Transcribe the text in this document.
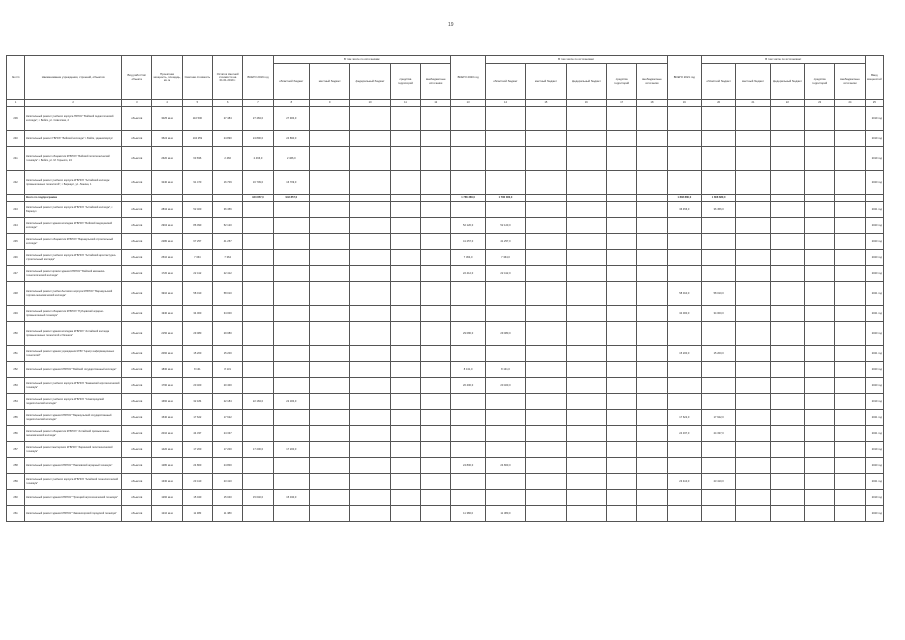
19
№ п/п	Наименование учреждения, строений, объектов	Вид работ/тип объекта	Проектная мощность, площадь, кв. м	Сметная стоимость	Остаток сметной стоимости на 01.01.2019 г.	ВСЕГО 2019 год	В том числе по источникам:					ВСЕГО 2020 год	В том числе по источникам:					ВСЕГО 2021 год	В том числе по источникам:					Ввод мощностей
							областной бюджет	местный бюджет	федеральный бюджет	средства территорий	внебюджетные источники		областной бюджет	местный бюджет	федеральный бюджет	средства территорий	внебюджетные источники		областной бюджет	местный бюджет	федеральный бюджет	средства территорий	внебюджетные источники	
1	2	3	4	5	6	7	8	9	10	11	12	13	14	15	16	17	18	19	20	21	22	23	24	25
239	Капитальный ремонт учебного корпуса ГБПОУ "Бийский педагогический колледж", г. Бийск, ул. Советская, 2	объектов	3025 кв.м	110 500	27 484	27 484,0	27 484,0																	2019 год
240	Капитальный ремонт ГБПОУ "Бийский колледж" г. Бийск, здание/корпус	объектов	3524 кв.м	104 259	24 890	24 890,0	24 890,0																	2019 год
241	Капитальный ремонт общежития КГБПОУ "Бийский политехнический техникум" г. Бийск, ул. М. Горького, 24	объектов	2620 кв.м	63 836	2 466	2 466,0	2 466,0																	2019 год
242	Капитальный ремонт учебного корпуса КГБПОУ "Алтайский колледж промышленных технологий", г. Барнаул, ул. Ленина, 1	объектов	3240 кв.м	91 470	16 709	16 709,0	16 709,0																	2020 год
	Всего по подпрограмме					943 857,0	943 857,0					1 786 380,0	1 786 380,0					1 808 880,0	1 808 880,0					
243	Капитальный ремонт учебного корпуса КГБПОУ "Алтайский колледж", г. Барнаул	объектов	2834 кв.м	52 400	36 456													36 456,0	36 456,0					2021 год
244	Капитальный ремонт здания колледжа КГБПОУ "Бийский медицинский колледж"	объектов	2904 кв.м	86 090	52 120							52 120,0	52 120,0											2020 год
245	Капитальный ремонт общежития КГБПОУ "Барнаульский строительный колледж"	объектов	2280 кв.м	67 257	41 257							41 257,0	41 257,0											2020 год
246	Капитальный ремонт учебного корпуса КГБПОУ "Алтайский архитектурно-строительный колледж"	объектов	2510 кв.м	7 364	7 364							7 364,0	7 364,0											2020 год
247	Капитальный ремонт кровли здания КГБПОУ "Бийский механико-технологический колледж"	объектов	1720 кв.м	22 412	22 412							22 412,0	22 412,0											2020 год
248	Капитальный ремонт учебно-бытового корпуса КГБПОУ "Барнаульский торгово-экономический колледж"	объектов	3910 кв.м	58 010	58 010													58 010,0	58 010,0					2021 год
249	Капитальный ремонт общежития КГБПОУ "Рубцовский аграрно-промышленный техникум"	объектов	1940 кв.м	34 000	34 000													34 000,0	34 000,0					2021 год
250	Капитальный ремонт здания колледжа КГБПОУ "Алтайский колледж промышленных технологий и бизнеса"	объектов	2150 кв.м	29 080	29 080							29 080,0	29 080,0											2020 год
251	Капитальный ремонт здания учреждения КГБУ "Центр информационных технологий"	объектов	2060 кв.м	15 200	15 200													15 200,0	15 200,0					2021 год
252	Капитальный ремонт здания КГБПОУ "Бийский государственный колледж"	объектов	1830 кв.м	8 131	8 131							8 131,0	8 131,0											2020 год
253	Капитальный ремонт учебного корпуса КГБПОУ "Каменский агротехнический техникум"	объектов	1790 кв.м	20 400	20 400							20 400,0	20 400,0											2020 год
254	Капитальный ремонт учебного корпуса КГБПОУ "Славгородский педагогический колледж"	объектов	1660 кв.м	32 184	22 184	22 184,0	22 184,0																	2019 год
255	Капитальный ремонт здания КГБПОУ "Барнаульский государственный педагогический колледж"	объектов	1540 кв.м	17 622	17 622													17 622,0	17 622,0					2021 год
256	Капитальный ремонт общежития КГБПОУ "Алтайский промышленно-экономический колледж"	объектов	2010 кв.м	44 337	24 337													24 337,0	24 337,0					2021 год
257	Капитальный ремонт мастерских КГБПОУ "Заринский политехнический техникум"	объектов	1420 кв.м	17 200	17 200	17 200,0	17 200,0																	2019 год
258	Капитальный ремонт здания КГБПОУ "Павловский аграрный техникум"	объектов	1280 кв.м	24 800	24 800							24 800,0	24 800,0											2020 год
259	Капитальный ремонт учебного корпуса КГБПОУ "Алейский технологический техникум"	объектов	1330 кв.м	23 410	23 410													23 410,0	23 410,0					2021 год
260	Капитальный ремонт здания КГБПОУ "Троицкий агротехнический техникум"	объектов	1260 кв.м	15 040	15 040	15 040,0	15 040,0																	2019 год
261	Капитальный ремонт здания КГБПОУ "Змеиногорский городской техникум"	объектов	1210 кв.м	11 380	11 380							11 380,0	11 380,0											2020 год
